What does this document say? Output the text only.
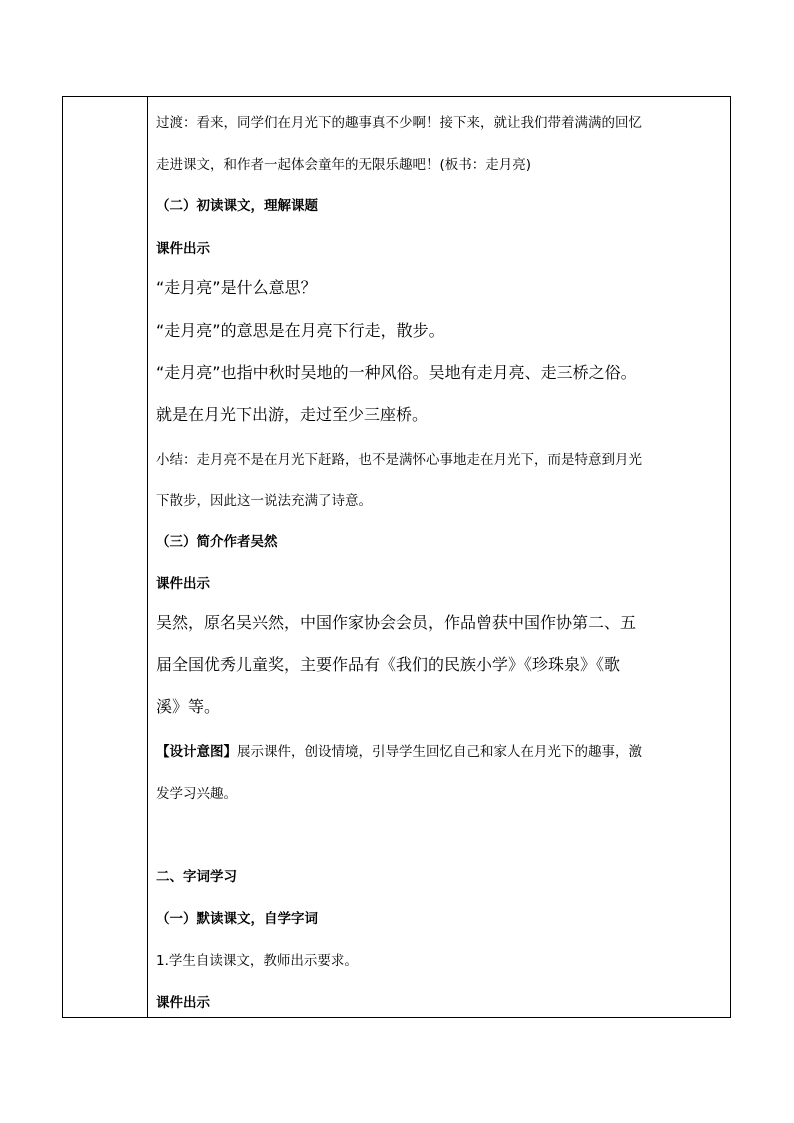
过渡：看来，同学们在月光下的趣事真不少啊！接下来，就让我们带着满满的回忆
走进课文，和作者一起体会童年的无限乐趣吧！(板书：走月亮)
（二）初读课文，理解课题
课件出示
“走月亮”是什么意思？
“走月亮”的意思是在月亮下行走，散步。
“走月亮”也指中秋时吴地的一种风俗。吴地有走月亮、走三桥之俗。
就是在月光下出游，走过至少三座桥。
小结：走月亮不是在月光下赶路，也不是满怀心事地走在月光下，而是特意到月光
下散步，因此这一说法充满了诗意。
（三）简介作者吴然
课件出示
吴然，原名吴兴然，中国作家协会会员，作品曾获中国作协第二、五
届全国优秀儿童奖，主要作品有《我们的民族小学》《珍珠泉》《歌
溪》等。
【设计意图】展示课件，创设情境，引导学生回忆自己和家人在月光下的趣事，激
发学习兴趣。
二、字词学习
（一）默读课文，自学字词
1.学生自读课文，教师出示要求。
课件出示
